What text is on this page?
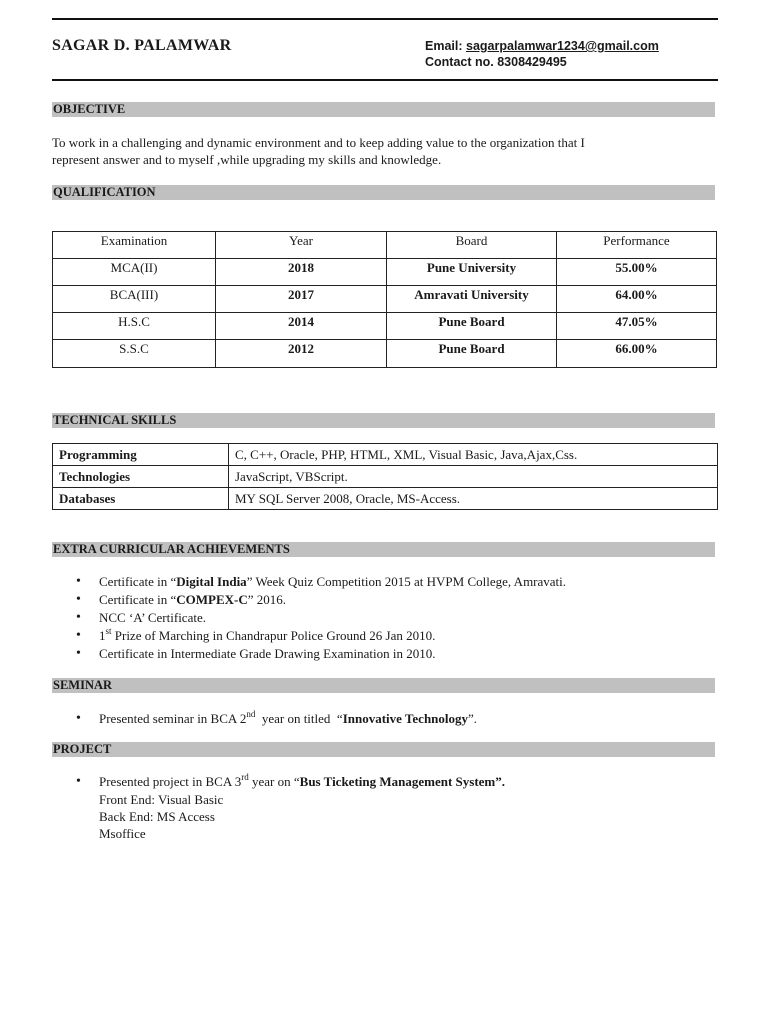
SAGAR D. PALAMWAR	Email: sagarpalamwar1234@gmail.com
Contact no. 8308429495
OBJECTIVE
To work in a challenging and dynamic environment and to keep adding value to the organization that I
represent answer and to myself ,while upgrading my skills and knowledge.
QUALIFICATION
Examination	Year	Board	Performance
MCA(II)	2018	Pune University	55.00%
BCA(III)	2017	Amravati University	64.00%
H.S.C	2014	Pune Board	47.05%
S.S.C	2012	Pune Board	66.00%
TECHNICAL SKILLS
Programming	C, C++, Oracle, PHP, HTML, XML, Visual Basic, Java,Ajax,Css.
Technologies	JavaScript, VBScript.
Databases	MY SQL Server 2008, Oracle, MS-Access.
EXTRA CURRICULAR ACHIEVEMENTS
• Certificate in “Digital India” Week Quiz Competition 2015 at HVPM College, Amravati.
• Certificate in “COMPEX-C” 2016.
• NCC ‘A’ Certificate.
• 1st Prize of Marching in Chandrapur Police Ground 26 Jan 2010.
• Certificate in Intermediate Grade Drawing Examination in 2010.
SEMINAR
• Presented seminar in BCA 2nd  year on titled  “Innovative Technology”.
PROJECT
• Presented project in BCA 3rd year on “Bus Ticketing Management System”.
Front End: Visual Basic
Back End: MS Access
Msoffice
